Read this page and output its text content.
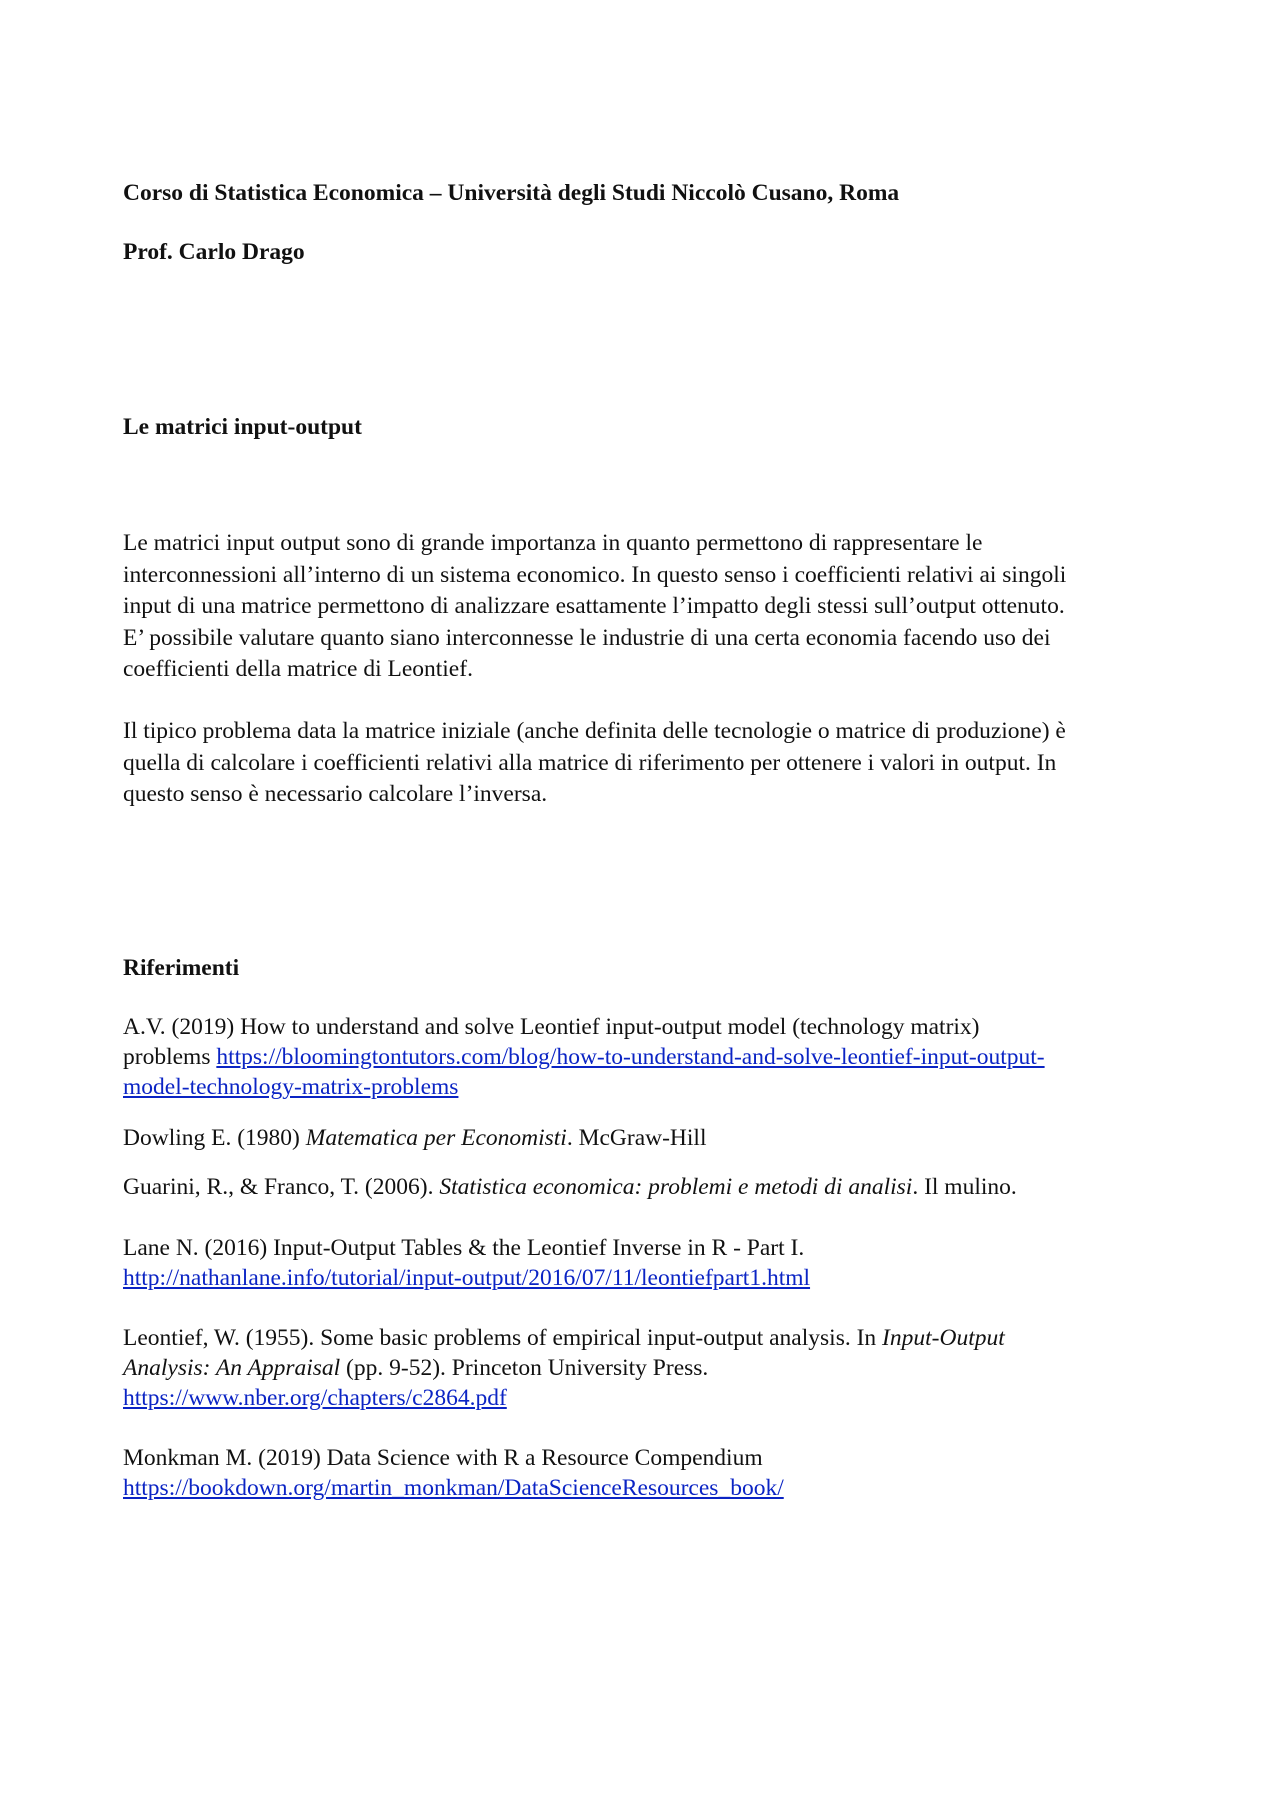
Corso di Statistica Economica – Università degli Studi Niccolò Cusano, Roma
Prof. Carlo Drago
Le matrici input-output
Le matrici input output sono di grande importanza in quanto permettono di rappresentare le
interconnessioni all’interno di un sistema economico. In questo senso i coefficienti relativi ai singoli
input di una matrice permettono di analizzare esattamente l’impatto degli stessi sull’output ottenuto.
E’ possibile valutare quanto siano interconnesse le industrie di una certa economia facendo uso dei
coefficienti della matrice di Leontief.
Il tipico problema data la matrice iniziale (anche definita delle tecnologie o matrice di produzione) è
quella di calcolare i coefficienti relativi alla matrice di riferimento per ottenere i valori in output. In
questo senso è necessario calcolare l’inversa.
Riferimenti
A.V. (2019) How to understand and solve Leontief input-output model (technology matrix)
problems https://bloomingtontutors.com/blog/how-to-understand-and-solve-leontief-input-output-
model-technology-matrix-problems
Dowling E. (1980) Matematica per Economisti. McGraw-Hill
Guarini, R., & Franco, T. (2006). Statistica economica: problemi e metodi di analisi. Il mulino.
Lane N. (2016) Input-Output Tables & the Leontief Inverse in R - Part I.
http://nathanlane.info/tutorial/input-output/2016/07/11/leontiefpart1.html
Leontief, W. (1955). Some basic problems of empirical input-output analysis. In Input-Output
Analysis: An Appraisal (pp. 9-52). Princeton University Press.
https://www.nber.org/chapters/c2864.pdf
Monkman M. (2019) Data Science with R a Resource Compendium
https://bookdown.org/martin_monkman/DataScienceResources_book/
